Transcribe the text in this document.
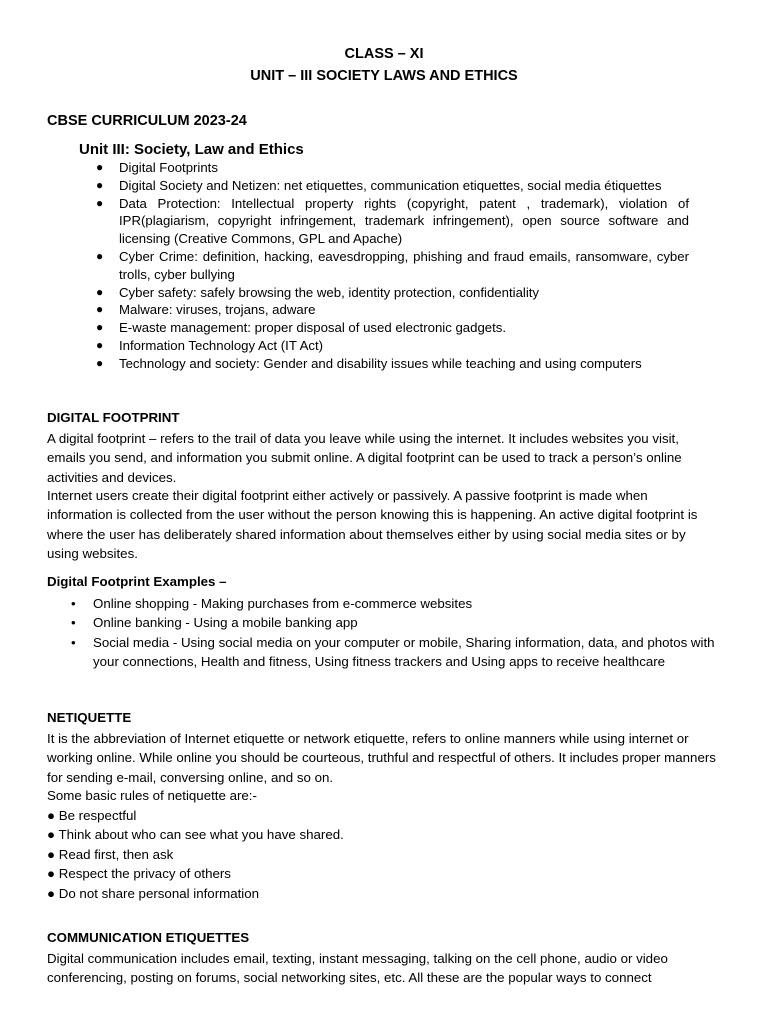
CLASS – XI
UNIT – III SOCIETY LAWS AND ETHICS
CBSE CURRICULUM 2023-24
Unit III: Society, Law and Ethics
● Digital Footprints
● Digital Society and Netizen: net etiquettes, communication etiquettes, social media étiquettes
● Data Protection: Intellectual property rights (copyright, patent , trademark), violation of IPR(plagiarism, copyright infringement, trademark infringement), open source software and licensing (Creative Commons, GPL and Apache)
● Cyber Crime: definition, hacking, eavesdropping, phishing and fraud emails, ransomware, cyber trolls, cyber bullying
● Cyber safety: safely browsing the web, identity protection, confidentiality
● Malware: viruses, trojans, adware
● E-waste management: proper disposal of used electronic gadgets.
● Information Technology Act (IT Act)
● Technology and society: Gender and disability issues while teaching and using computers
DIGITAL FOOTPRINT
A digital footprint – refers to the trail of data you leave while using the internet. It includes websites you visit, emails you send, and information you submit online. A digital footprint can be used to track a person’s online activities and devices.
Internet users create their digital footprint either actively or passively. A passive footprint is made when information is collected from the user without the person knowing this is happening. An active digital footprint is where the user has deliberately shared information about themselves either by using social media sites or by using websites.
Digital Footprint Examples –
• Online shopping - Making purchases from e-commerce websites
• Online banking - Using a mobile banking app
• Social media - Using social media on your computer or mobile, Sharing information, data, and photos with your connections, Health and fitness, Using fitness trackers and Using apps to receive healthcare
NETIQUETTE
It is the abbreviation of Internet etiquette or network etiquette, refers to online manners while using internet or working online. While online you should be courteous, truthful and respectful of others. It includes proper manners for sending e-mail, conversing online, and so on.
Some basic rules of netiquette are:-
● Be respectful
● Think about who can see what you have shared.
● Read first, then ask
● Respect the privacy of others
● Do not share personal information
COMMUNICATION ETIQUETTES
Digital communication includes email, texting, instant messaging, talking on the cell phone, audio or video conferencing, posting on forums, social networking sites, etc. All these are the popular ways to connect
